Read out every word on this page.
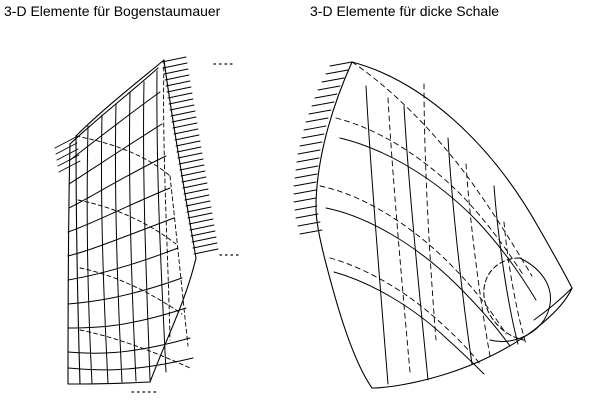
3-D Elemente für Bogenstaumauer	3-D Elemente für dicke Schale
